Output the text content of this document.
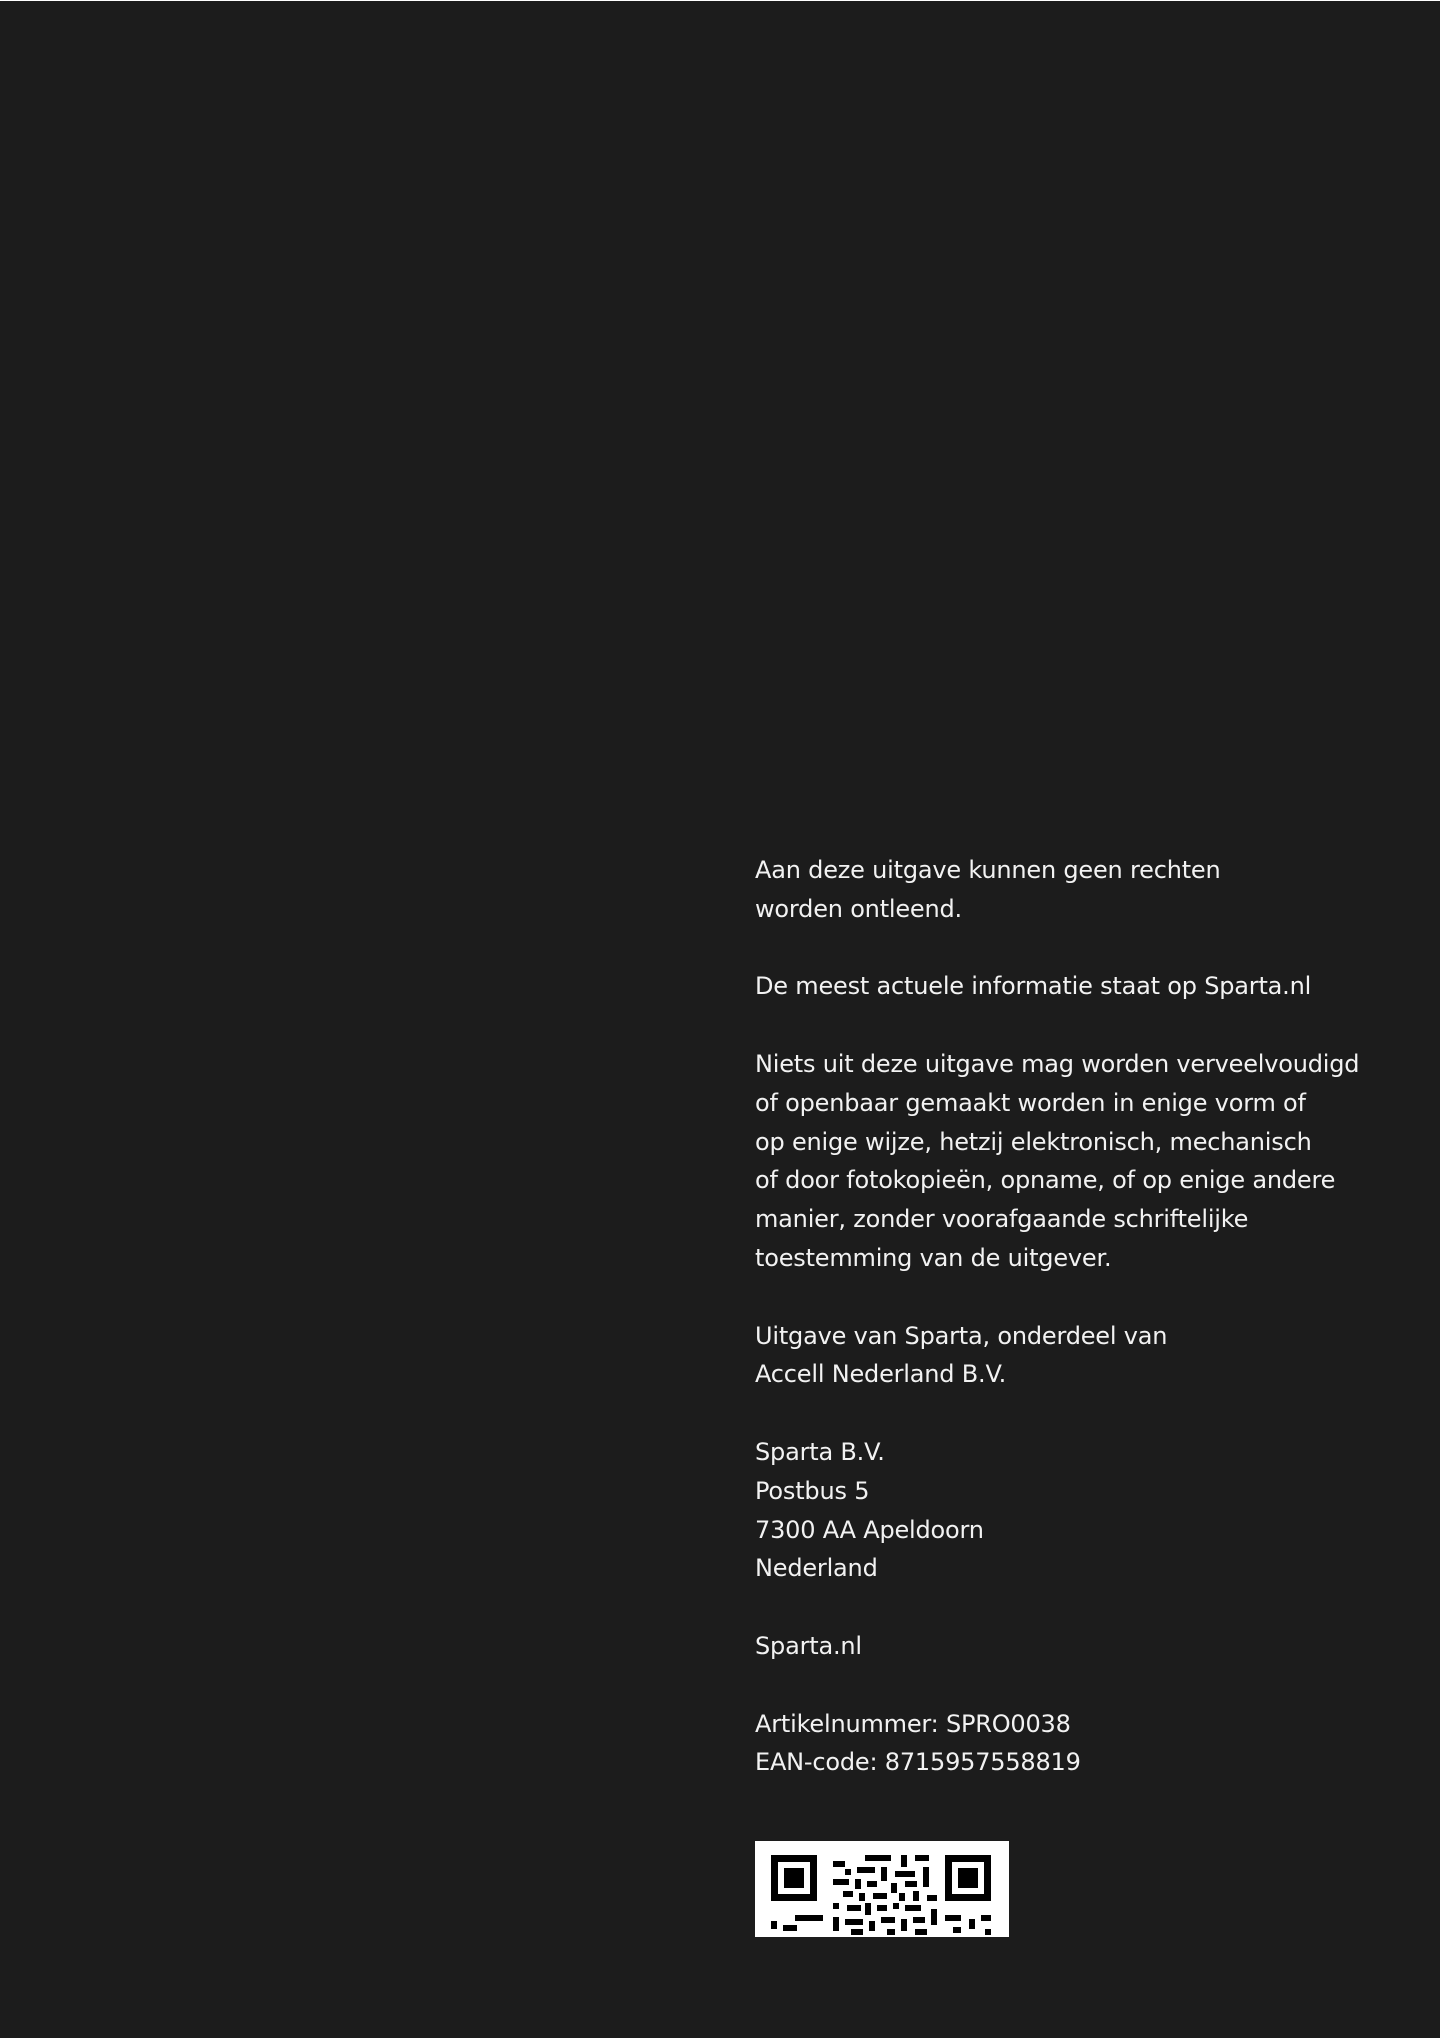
Aan deze uitgave kunnen geen rechten
worden ontleend.

De meest actuele informatie staat op Sparta.nl

Niets uit deze uitgave mag worden verveelvoudigd
of openbaar gemaakt worden in enige vorm of
op enige wijze, hetzij elektronisch, mechanisch
of door fotokopieën, opname, of op enige andere
manier, zonder voorafgaande schriftelijke
toestemming van de uitgever.

Uitgave van Sparta, onderdeel van
Accell Nederland B.V.

Sparta B.V.
Postbus 5
7300 AA Apeldoorn
Nederland

Sparta.nl

Artikelnummer: SPRO0038
EAN-code: 8715957558819
